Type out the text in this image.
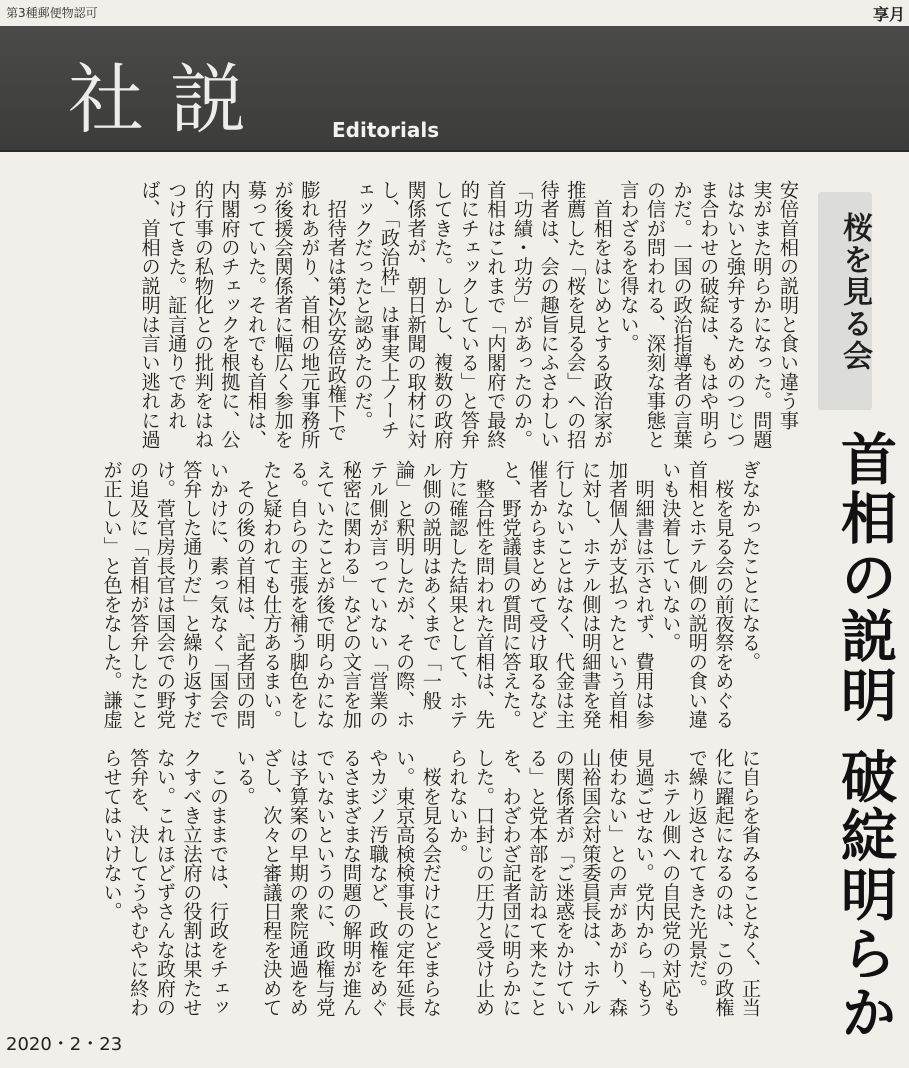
第3種郵便物認可	享月
社説	Editorials
桜を見る会
首相の説明 破綻明らか
安倍首相の説明と食い違う事
実がまた明らかになった。問題
はないと強弁するためのつじつ
ま合わせの破綻は、もはや明ら
かだ。一国の政治指導者の言葉
の信が問われる、深刻な事態と
言わざるを得ない。
　首相をはじめとする政治家が
推薦した「桜を見る会」への招
待者は、会の趣旨にふさわしい
「功績・功労」があったのか。
首相はこれまで「内閣府で最終
的にチェックしている」と答弁
してきた。しかし、複数の政府
関係者が、朝日新聞の取材に対
し、「政治枠」は事実上ノーチ
ェックだったと認めたのだ。
　招待者は第2次安倍政権下で
膨れあがり、首相の地元事務所
が後援会関係者に幅広く参加を
募っていた。それでも首相は、
内閣府のチェックを根拠に、公
的行事の私物化との批判をはね
つけてきた。証言通りであれ
ば、首相の説明は言い逃れに過
ぎなかったことになる。
　桜を見る会の前夜祭をめぐる
首相とホテル側の説明の食い違
いも決着していない。
　明細書は示されず、費用は参
加者個人が支払ったという首相
に対し、ホテル側は明細書を発
行しないことはなく、代金は主
催者からまとめて受け取るなど
と、野党議員の質問に答えた。
　整合性を問われた首相は、先
方に確認した結果として、ホテ
ル側の説明はあくまで「一般
論」と釈明したが、その際、ホ
テル側が言っていない「営業の
秘密に関わる」などの文言を加
えていたことが後で明らかにな
る。自らの主張を補う脚色をし
たと疑われても仕方あるまい。
　その後の首相は、記者団の問
いかけに、素っ気なく「国会で
答弁した通りだ」と繰り返すだ
け。菅官房長官は国会での野党
の追及に「首相が答弁したこと
が正しい」と色をなした。謙虚
に自らを省みることなく、正当
化に躍起になるのは、この政権
で繰り返されてきた光景だ。
　ホテル側への自民党の対応も
見過ごせない。党内から「もう
使わない」との声があがり、森
山裕国会対策委員長は、ホテル
の関係者が「ご迷惑をかけてい
る」と党本部を訪ねて来たこと
を、わざわざ記者団に明らかに
した。口封じの圧力と受け止め
られないか。
　桜を見る会だけにとどまらな
い。東京高検検事長の定年延長
やカジノ汚職など、政権をめぐ
るさまざまな問題の解明が進ん
でいないというのに、政権与党
は予算案の早期の衆院通過をめ
ざし、次々と審議日程を決めて
いる。
　このままでは、行政をチェッ
クすべき立法府の役割は果たせ
ない。これほどずさんな政府の
答弁を、決してうやむやに終わ
らせてはいけない。
2020・2・23
